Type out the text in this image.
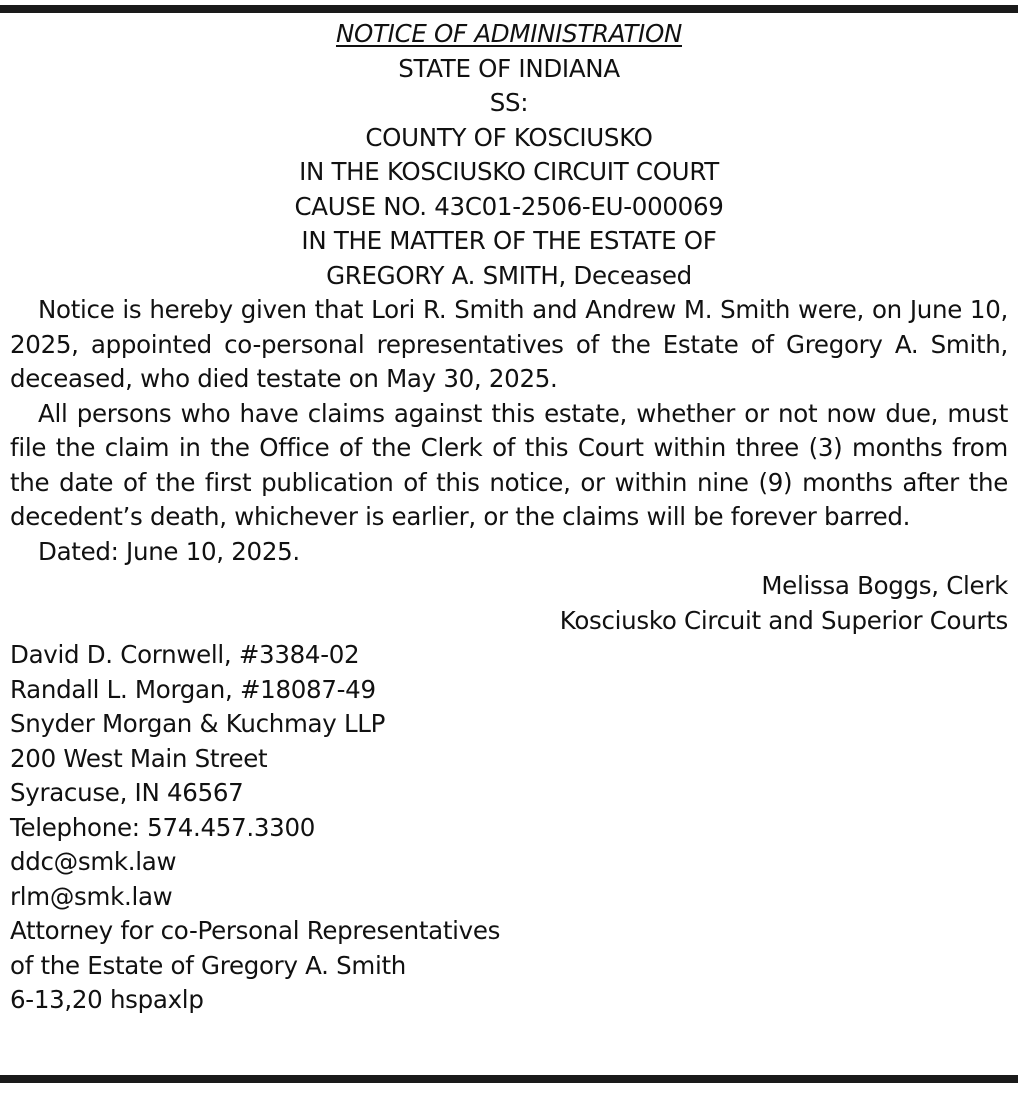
NOTICE OF ADMINISTRATION
STATE OF INDIANA
SS:
COUNTY OF KOSCIUSKO
IN THE KOSCIUSKO CIRCUIT COURT
CAUSE NO. 43C01-2506-EU-000069
IN THE MATTER OF THE ESTATE OF
GREGORY A. SMITH, Deceased

Notice is hereby given that Lori R. Smith and Andrew M. Smith were, on June 10, 2025, appointed co-personal representatives of the Estate of Gregory A. Smith, deceased, who died testate on May 30, 2025.

All persons who have claims against this estate, whether or not now due, must file the claim in the Office of the Clerk of this Court within three (3) months from the date of the first publication of this notice, or within nine (9) months after the decedent’s death, whichever is earlier, or the claims will be forever barred.

Dated: June 10, 2025.

Melissa Boggs, Clerk
Kosciusko Circuit and Superior Courts
David D. Cornwell, #3384-02
Randall L. Morgan, #18087-49
Snyder Morgan & Kuchmay LLP
200 West Main Street
Syracuse, IN 46567
Telephone: 574.457.3300
ddc@smk.law
rlm@smk.law
Attorney for co-Personal Representatives
of the Estate of Gregory A. Smith
6-13,20 hspaxlp
